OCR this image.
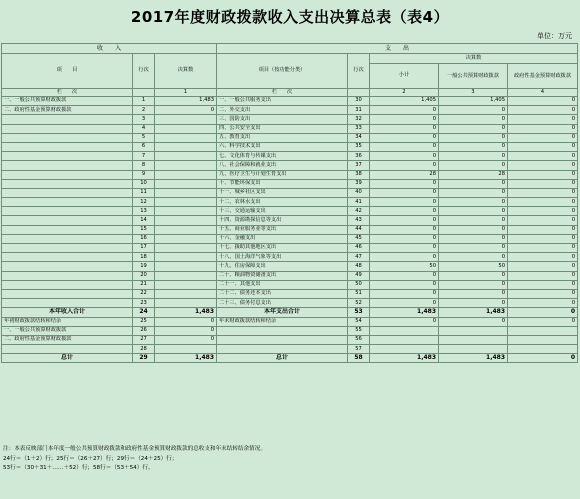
2017年度财政拨款收入支出决算总表（表4）
单位：万元
收　　入			支　　出				
项　　目	行次	决算数	项目（按功能分类）	行次	决算数		
					小计	一般公共预算财政拨款	政府性基金预算财政拨款
栏　　次		1	栏　　次		2	3	4
一、一般公共预算财政拨款	1	1,483	一、一般公共服务支出	30	1,405	1,405	0
二、政府性基金预算财政拨款	2	0	二、外交支出	31	0	0	0
	3		三、国防支出	32	0	0	0
	4		四、公共安全支出	33	0	0	0
	5		五、教育支出	34	0	0	0
	6		六、科学技术支出	35	0	0	0
	7		七、文化体育与传媒支出	36	0	0	0
	8		八、社会保障和就业支出	37	0	0	0
	9		九、医疗卫生与计划生育支出	38	28	28	0
	10		十、节能环保支出	39	0	0	0
	11		十一、城乡社区支出	40	0	0	0
	12		十二、农林水支出	41	0	0	0
	13		十三、交通运输支出	42	0	0	0
	14		十四、资源勘探信息等支出	43	0	0	0
	15		十五、商业服务业等支出	44	0	0	0
	16		十六、金融支出	45	0	0	0
	17		十七、援助其他地区支出	46	0	0	0
	18		十八、国土海洋气象等支出	47	0	0	0
	19		十九、住房保障支出	48	50	50	0
	20		二十、粮油物资储备支出	49	0	0	0
	21		二十一、其他支出	50	0	0	0
	22		二十二、债务还本支出	51	0	0	0
	23		二十三、债务付息支出	52	0	0	0
本年收入合计	24	1,483	本年支出合计	53	1,483	1,483	0
年初财政拨款结转和结余	25	0	年末财政拨款结转和结余	54	0	0	0
一、一般公共预算财政拨款	26	0		55			
二、政府性基金预算财政拨款	27	0		56			
	28			57			
总计	29	1,483	总计	58	1,483	1,483	0
注：本表反映部门本年度一般公共预算财政拨款和政府性基金预算财政拨款的总收支和年末结转结余情况。
24行＝（1＋2）行；25行＝（26＋27）行；29行＝（24＋25）行；
53行＝（30＋31＋……＋52）行；58行＝（53＋54）行。
